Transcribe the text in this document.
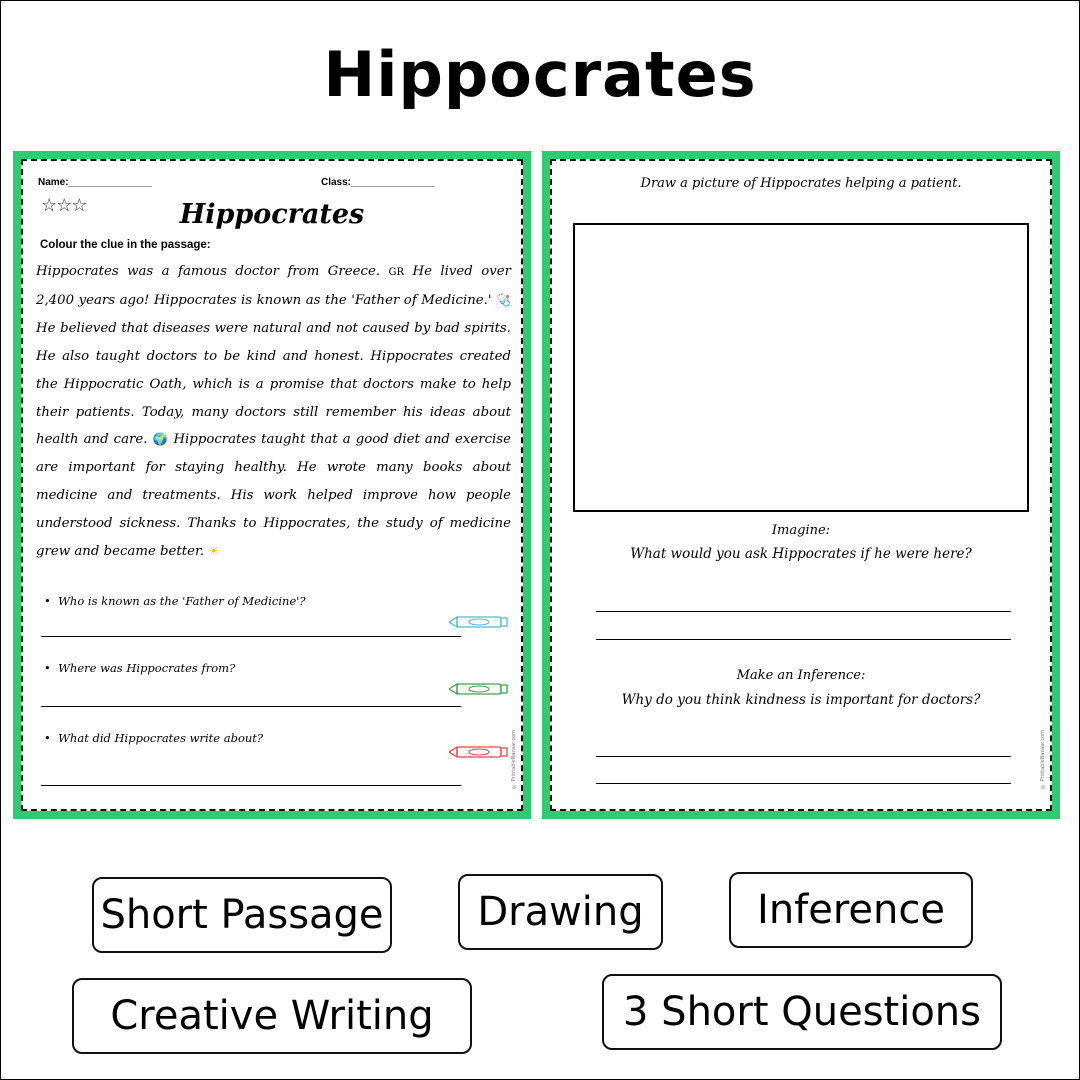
Hippocrates
Name:_______________	Class:_______________
☆☆☆	Hippocrates
Colour the clue in the passage:

Hippocrates was a famous doctor from Greece. GR He lived over 2,400 years ago! Hippocrates is known as the 'Father of Medicine.' 🩺 He believed that diseases were natural and not caused by bad spirits. He also taught doctors to be kind and honest. Hippocrates created the Hippocratic Oath, which is a promise that doctors make to help their patients. Today, many doctors still remember his ideas about health and care. 🌍 Hippocrates taught that a good diet and exercise are important for staying healthy. He wrote many books about medicine and treatments. His work helped improve how people understood sickness. Thanks to Hippocrates, the study of medicine grew and became better. ☀

• Who is known as the 'Father of Medicine'?
• Where was Hippocrates from?
• What did Hippocrates write about?	© PrintableBazaar.com
Draw a picture of Hippocrates helping a patient.
Imagine:
What would you ask Hippocrates if he were here?
Make an Inference:
Why do you think kindness is important for doctors?
© PrintableBazaar.com
Short Passage	Drawing	Inference
Creative Writing	3 Short Questions
